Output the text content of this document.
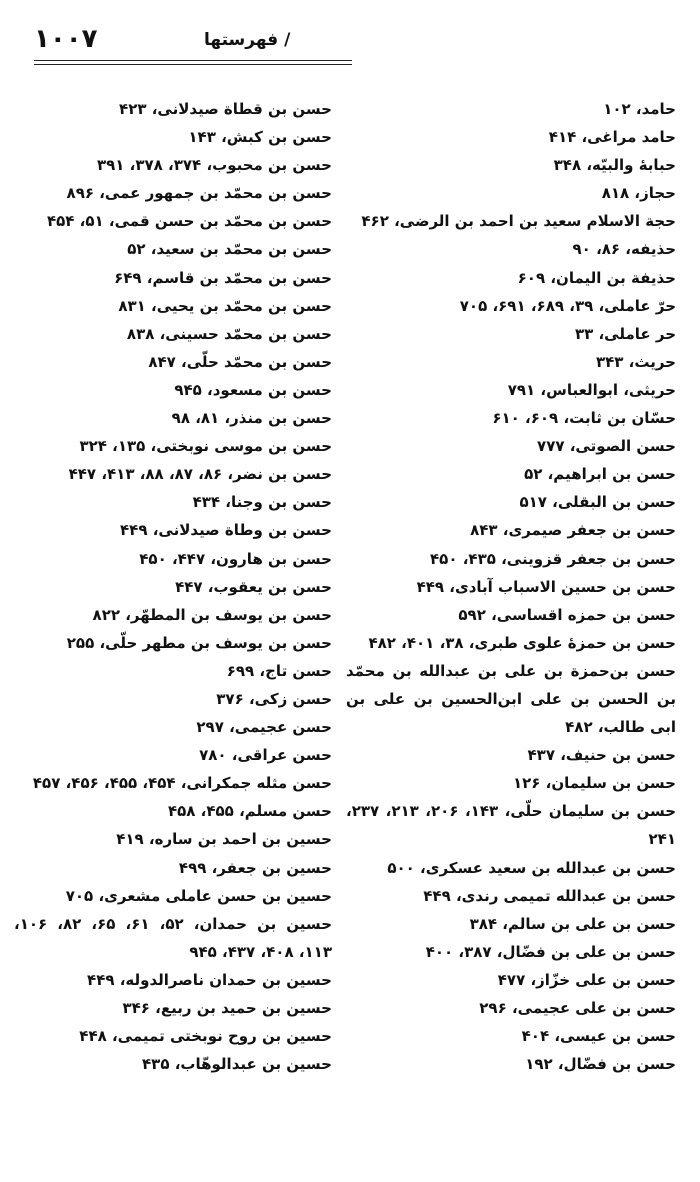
۱۰۰۷	/ فهرستها
حامد، ۱۰۲
حامد مراغی، ۴۱۴
حبابهٔ والبیّه، ۳۴۸
حجاز، ۸۱۸
حجة الاسلام سعید بن احمد بن الرضی، ۴۶۲
حذیفه، ۸۶، ۹۰
حذیفة بن الیمان، ۶۰۹
حرّ عاملی، ۳۹، ۶۸۹، ۶۹۱، ۷۰۵
حر عاملی، ۳۳
حریث، ۳۴۳
حریثی، ابوالعباس، ۷۹۱
حسّان بن ثابت، ۶۰۹، ۶۱۰
حسن الصوتی، ۷۷۷
حسن بن ابراهیم، ۵۲
حسن بن البقلی، ۵۱۷
حسن بن جعفر صیمری، ۸۴۳
حسن بن جعفر قزوینی، ۴۳۵، ۴۵۰
حسن بن حسین الاسباب آبادی، ۴۴۹
حسن بن حمزه اقساسی، ۵۹۲
حسن بن حمزهٔ علوی طبری، ۳۸، ۴۰۱، ۴۸۲
حسن بن‌حمزة بن علی بن عبدالله بن محمّد بن الحسن بن علی ابن‌الحسین بن علی بن ابی طالب، ۴۸۲
حسن بن حنیف، ۴۳۷
حسن بن سلیمان، ۱۲۶
حسن بن سلیمان حلّی، ۱۴۳، ۲۰۶، ۲۱۳، ۲۳۷، ۲۴۱
حسن بن عبدالله بن سعید عسکری، ۵۰۰
حسن بن عبدالله تمیمی رندی، ۴۴۹
حسن بن علی بن سالم، ۳۸۴
حسن بن علی بن فضّال، ۳۸۷، ۴۰۰
حسن بن علی خزّاز، ۴۷۷
حسن بن علی عجیمی، ۲۹۶
حسن بن عیسی، ۴۰۴
حسن بن فضّال، ۱۹۲
حسن بن قطاة صیدلانی، ۴۲۳
حسن بن کبش، ۱۴۳
حسن بن محبوب، ۳۷۴، ۳۷۸، ۳۹۱
حسن بن محمّد بن جمهور عمی، ۸۹۶
حسن بن محمّد بن حسن قمی، ۵۱، ۴۵۴
حسن بن محمّد بن سعید، ۵۲
حسن بن محمّد بن قاسم، ۶۴۹
حسن بن محمّد بن یحیی، ۸۳۱
حسن بن محمّد حسینی، ۸۳۸
حسن بن محمّد حلّی، ۸۴۷
حسن بن مسعود، ۹۴۵
حسن بن منذر، ۸۱، ۹۸
حسن بن موسی نوبختی، ۱۳۵، ۳۲۴
حسن بن نضر، ۸۶، ۸۷، ۸۸، ۴۱۳، ۴۴۷
حسن بن وجنا، ۴۳۴
حسن بن وطاة صیدلانی، ۴۴۹
حسن بن هارون، ۴۴۷، ۴۵۰
حسن بن یعقوب، ۴۴۷
حسن بن یوسف بن المطهّر، ۸۲۲
حسن بن یوسف بن مطهر حلّی، ۲۵۵
حسن تاج، ۶۹۹
حسن زکی، ۳۷۶
حسن عجیمی، ۲۹۷
حسن عراقی، ۷۸۰
حسن مثله جمکرانی، ۴۵۴، ۴۵۵، ۴۵۶، ۴۵۷
حسن مسلم، ۴۵۵، ۴۵۸
حسین بن احمد بن ساره، ۴۱۹
حسین بن جعفر، ۴۹۹
حسین بن حسن عاملی مشعری، ۷۰۵
حسین بن حمدان، ۵۲، ۶۱، ۶۵، ۸۲، ۱۰۶، ۱۱۳، ۴۰۸، ۴۳۷، ۹۴۵
حسین بن حمدان ناصرالدوله، ۴۴۹
حسین بن حمید بن ربیع، ۳۴۶
حسین بن روح نوبختی تمیمی، ۴۴۸
حسین بن عبدالوهّاب، ۴۳۵
